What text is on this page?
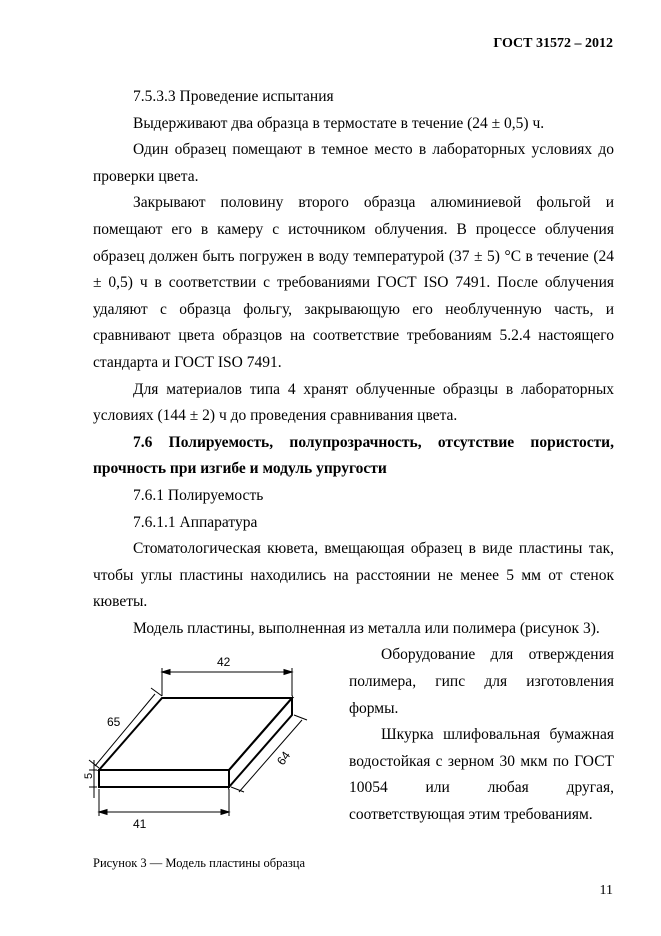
ГОСТ 31572 – 2012

7.5.3.3 Проведение испытания

Выдерживают два образца в термостате в течение (24 ± 0,5) ч.

Один образец помещают в темное место в лабораторных условиях до проверки цвета.

Закрывают половину второго образца алюминиевой фольгой и помещают его в камеру с источником облучения. В процессе облучения образец должен быть погружен в воду температурой (37 ± 5) °С в течение (24 ± 0,5) ч в соответствии с требованиями ГОСТ ISO 7491. После облучения удаляют с образца фольгу, закрывающую его необлученную часть, и сравнивают цвета образцов на соответствие требованиям 5.2.4 настоящего стандарта и ГОСТ ISO 7491.

Для материалов типа 4 хранят облученные образцы в лабораторных условиях (144 ± 2) ч до проведения сравнивания цвета.

7.6 Полируемость, полупрозрачность, отсутствие пористости, прочность при изгибе и модуль упругости

7.6.1 Полируемость

7.6.1.1 Аппаратура

Стоматологическая кювета, вмещающая образец в виде пластины так, чтобы углы пластины находились на расстоянии не менее 5 мм от стенок кюветы.

Модель пластины, выполненная из металла или полимера (рисунок 3).

42
65
64
5
41

Оборудование для отверждения полимера, гипс для изготовления формы.

Шкурка шлифовальная бумажная водостойкая с зерном 30 мкм по ГОСТ 10054 или любая другая, соответствующая этим требованиям.

Рисунок 3 — Модель пластины образца
11
